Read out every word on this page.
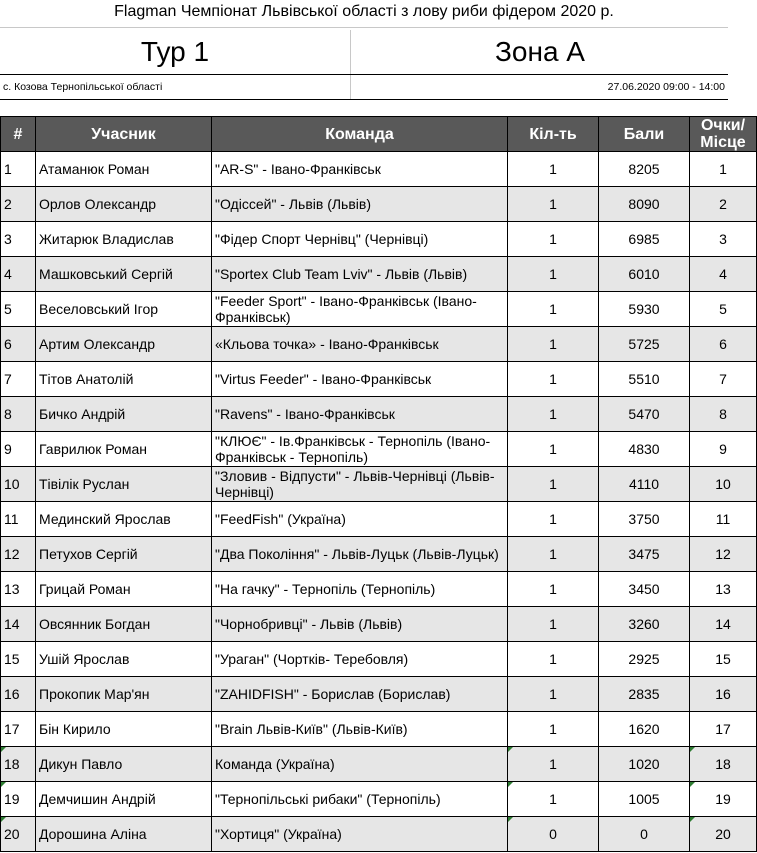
Flagman Чемпіонат Львівської області з лову риби фідером 2020 р.
Тур 1	Зона А
с. Козова Тернопільської області	27.06.2020 09:00 - 14:00
#	Учасник	Команда	Кіл-ть	Бали	Очки/ Місце
1	Атаманюк Роман	"AR-S" - Івано-Франківськ	1	8205	1
2	Орлов Олександр	"Одіссей" - Львів (Львів)	1	8090	2
3	Житарюк Владислав	"Фідер Спорт Чернівц" (Чернівці)	1	6985	3
4	Машковський Сергій	"Sportex Club Team Lviv" - Львів (Львів)	1	6010	4
5	Веселовський Ігор	"Feeder Sport" - Івано-Франківськ (Івано-Франківськ)	1	5930	5
6	Артим Олександр	«Кльова точка» - Івано-Франківськ	1	5725	6
7	Тітов Анатолій	"Virtus Feeder" - Івано-Франківськ	1	5510	7
8	Бичко Андрій	"Ravens" - Івано-Франківськ	1	5470	8
9	Гаврилюк Роман	"КЛЮЄ" - Ів.Франківськ - Тернопіль (Івано-Франківськ - Тернопіль)	1	4830	9
10	Тівілік Руслан	"Зловив - Відпусти" - Львів-Чернівці (Львів-Чернівці)	1	4110	10
11	Мединский Ярослав	"FeedFish" (Україна)	1	3750	11
12	Петухов Сергій	"Два Покоління" - Львів-Луцьк (Львів-Луцьк)	1	3475	12
13	Грицай Роман	"На гачку" - Тернопіль (Тернопіль)	1	3450	13
14	Овсянник Богдан	"Чорнобривці" - Львів (Львів)	1	3260	14
15	Ушій Ярослав	"Ураган" (Чортків- Теребовля)	1	2925	15
16	Прокопик Мар'ян	"ZAHIDFISH" - Борислав (Борислав)	1	2835	16
17	Бін Кирило	"Brain Львів-Київ" (Львів-Київ)	1	1620	17
18	Дикун Павло	Команда (Україна)	1	1020	18
19	Демчишин Андрій	"Тернопільські рибаки" (Тернопіль)	1	1005	19
20	Дорошина Аліна	"Хортиця" (Україна)	0	0	20
